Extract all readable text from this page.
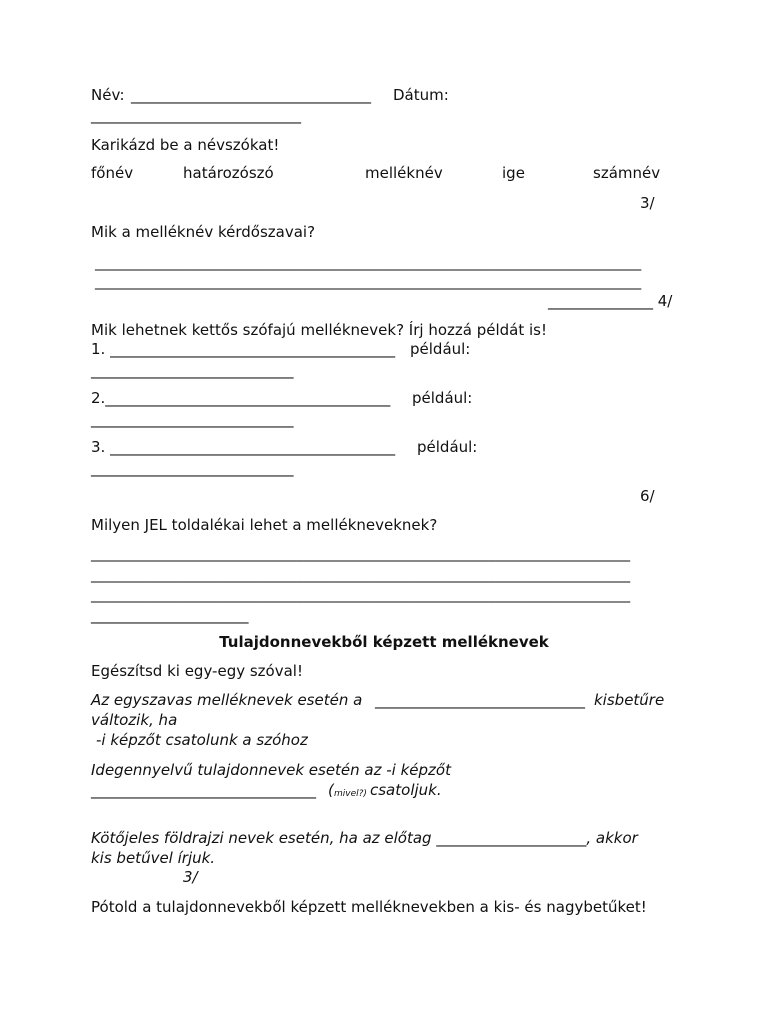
Név: ________________________________ Dátum:
____________________________
Karikázd be a névszókat!
főnév	határozószó	melléknév	ige	számnév
3/
Mik a melléknév kérdőszavai?
_____________________________________________________________________________
_____________________________________________________________________________
______________ 4/
Mik lehetnek kettős szófajú melléknevek? Írj hozzá példát is!
1. ______________________________________ például:
___________________________
2.______________________________________ például:
___________________________
3. ______________________________________ például:
___________________________
6/
Milyen JEL toldalékai lehet a mellékneveknek?
____________________________________________________________________________
____________________________________________________________________________
____________________________________________________________________________
_____________________
Tulajdonnevekből képzett melléknevek
Egészítsd ki egy-egy szóval!
Az egyszavas melléknevek esetén a ____________________________ kisbetűre
változik, ha
-i képzőt csatolunk a szóhoz
Idegennyelvű tulajdonnevek esetén az -i képzőt
______________________________ ( mivel?) csatoljuk.
Kötőjeles földrajzi nevek esetén, ha az előtag ____________________, akkor
kis betűvel írjuk.
3/
Pótold a tulajdonnevekből képzett melléknevekben a kis- és nagybetűket!
